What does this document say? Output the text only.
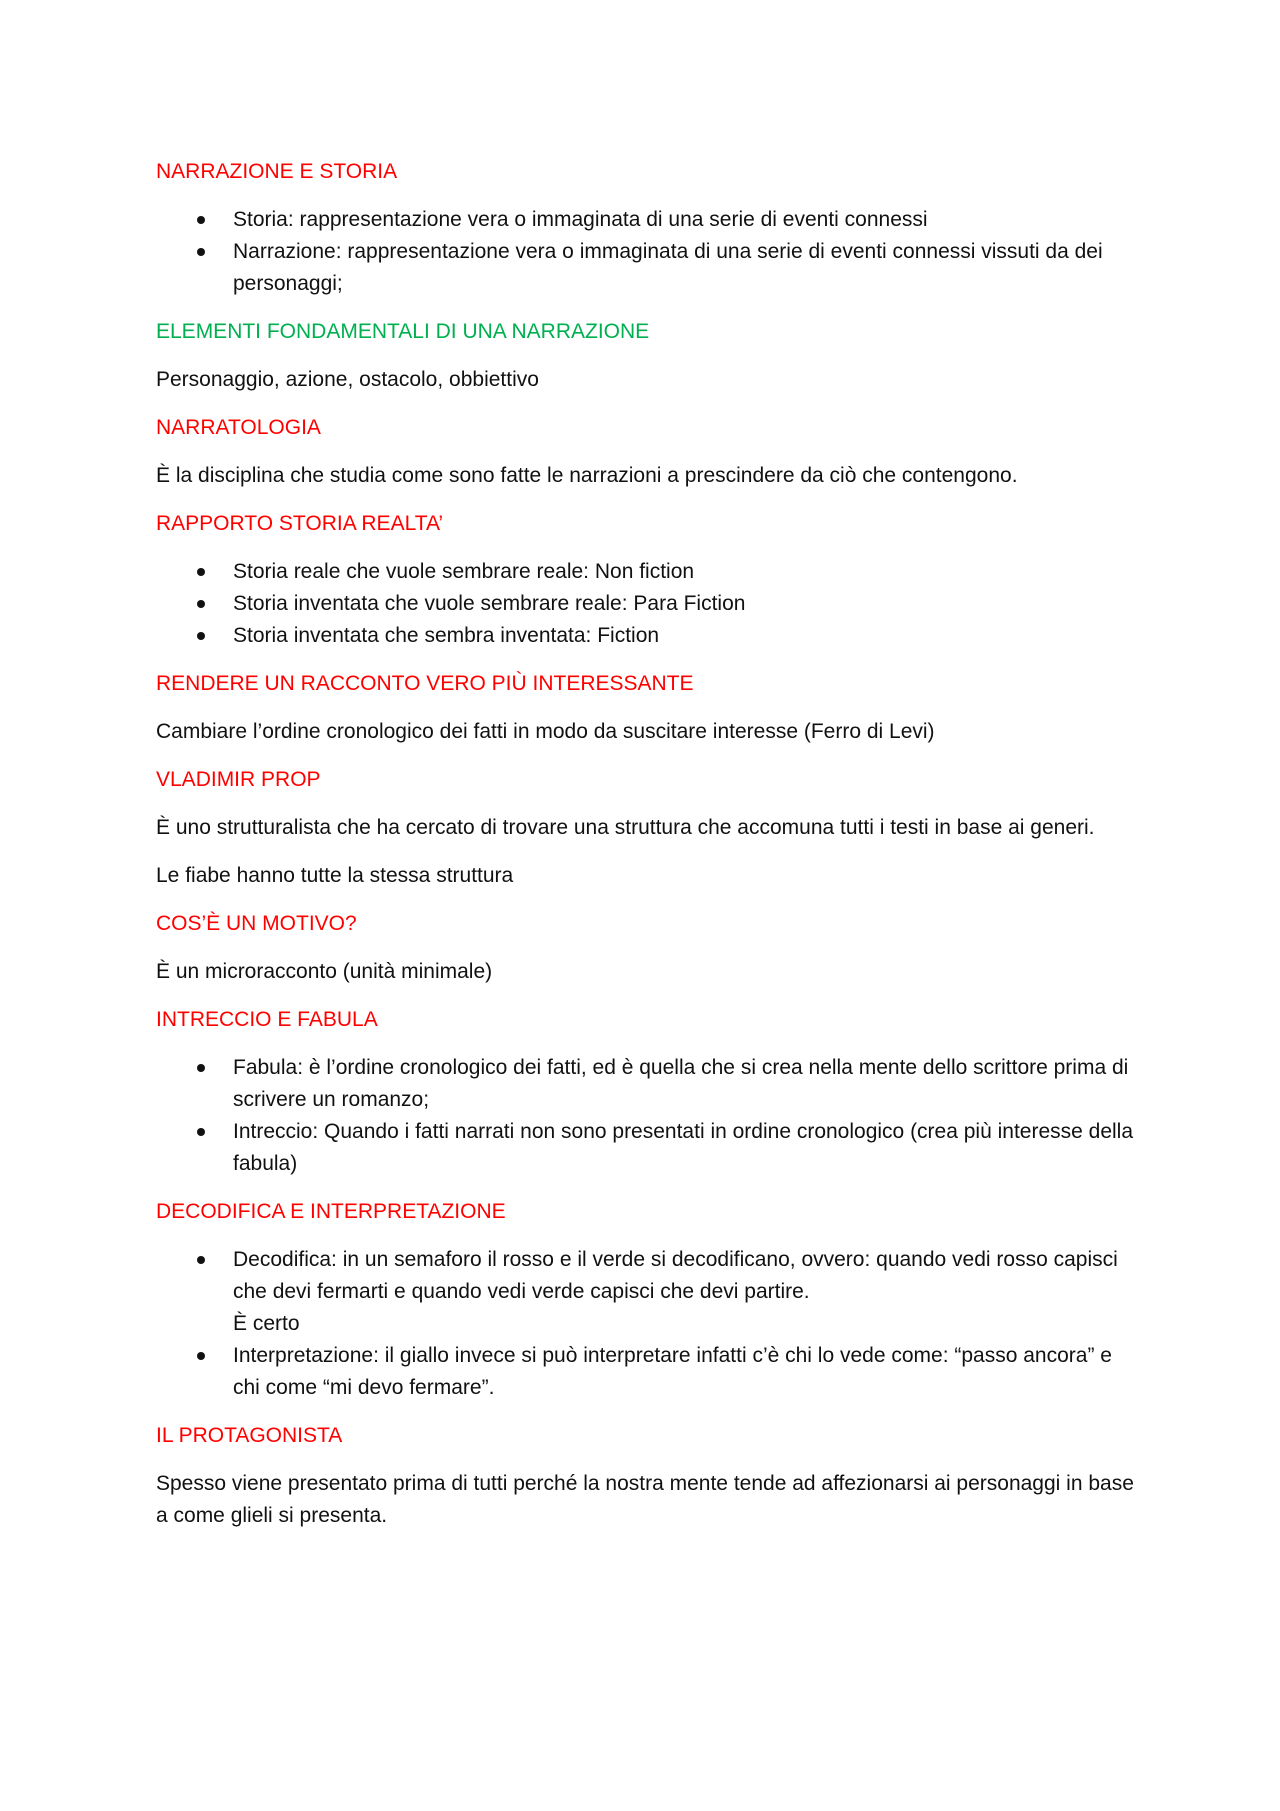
NARRAZIONE E STORIA
Storia: rappresentazione vera o immaginata di una serie di eventi connessi
Narrazione: rappresentazione vera o immaginata di una serie di eventi connessi vissuti da dei personaggi;
ELEMENTI FONDAMENTALI DI UNA NARRAZIONE

Personaggio, azione, ostacolo, obbiettivo

NARRATOLOGIA

È la disciplina che studia come sono fatte le narrazioni a prescindere da ciò che contengono.

RAPPORTO STORIA REALTA’
Storia reale che vuole sembrare reale: Non fiction
Storia inventata che vuole sembrare reale: Para Fiction
Storia inventata che sembra inventata: Fiction
RENDERE UN RACCONTO VERO PIÙ INTERESSANTE

Cambiare l’ordine cronologico dei fatti in modo da suscitare interesse (Ferro di Levi)

VLADIMIR PROP

È uno strutturalista che ha cercato di trovare una struttura che accomuna tutti i testi in base ai generi.

Le fiabe hanno tutte la stessa struttura

COS’È UN MOTIVO?

È un microracconto (unità minimale)

INTRECCIO E FABULA
Fabula: è l’ordine cronologico dei fatti, ed è quella che si crea nella mente dello scrittore prima di scrivere un romanzo;
Intreccio: Quando i fatti narrati non sono presentati in ordine cronologico (crea più interesse della fabula)
DECODIFICA E INTERPRETAZIONE
Decodifica: in un semaforo il rosso e il verde si decodificano, ovvero: quando vedi rosso capisci che devi fermarti e quando vedi verde capisci che devi partire.
È certo
Interpretazione: il giallo invece si può interpretare infatti c’è chi lo vede come: “passo ancora” e chi come “mi devo fermare”.
IL PROTAGONISTA

Spesso viene presentato prima di tutti perché la nostra mente tende ad affezionarsi ai personaggi in base a come glieli si presenta.
